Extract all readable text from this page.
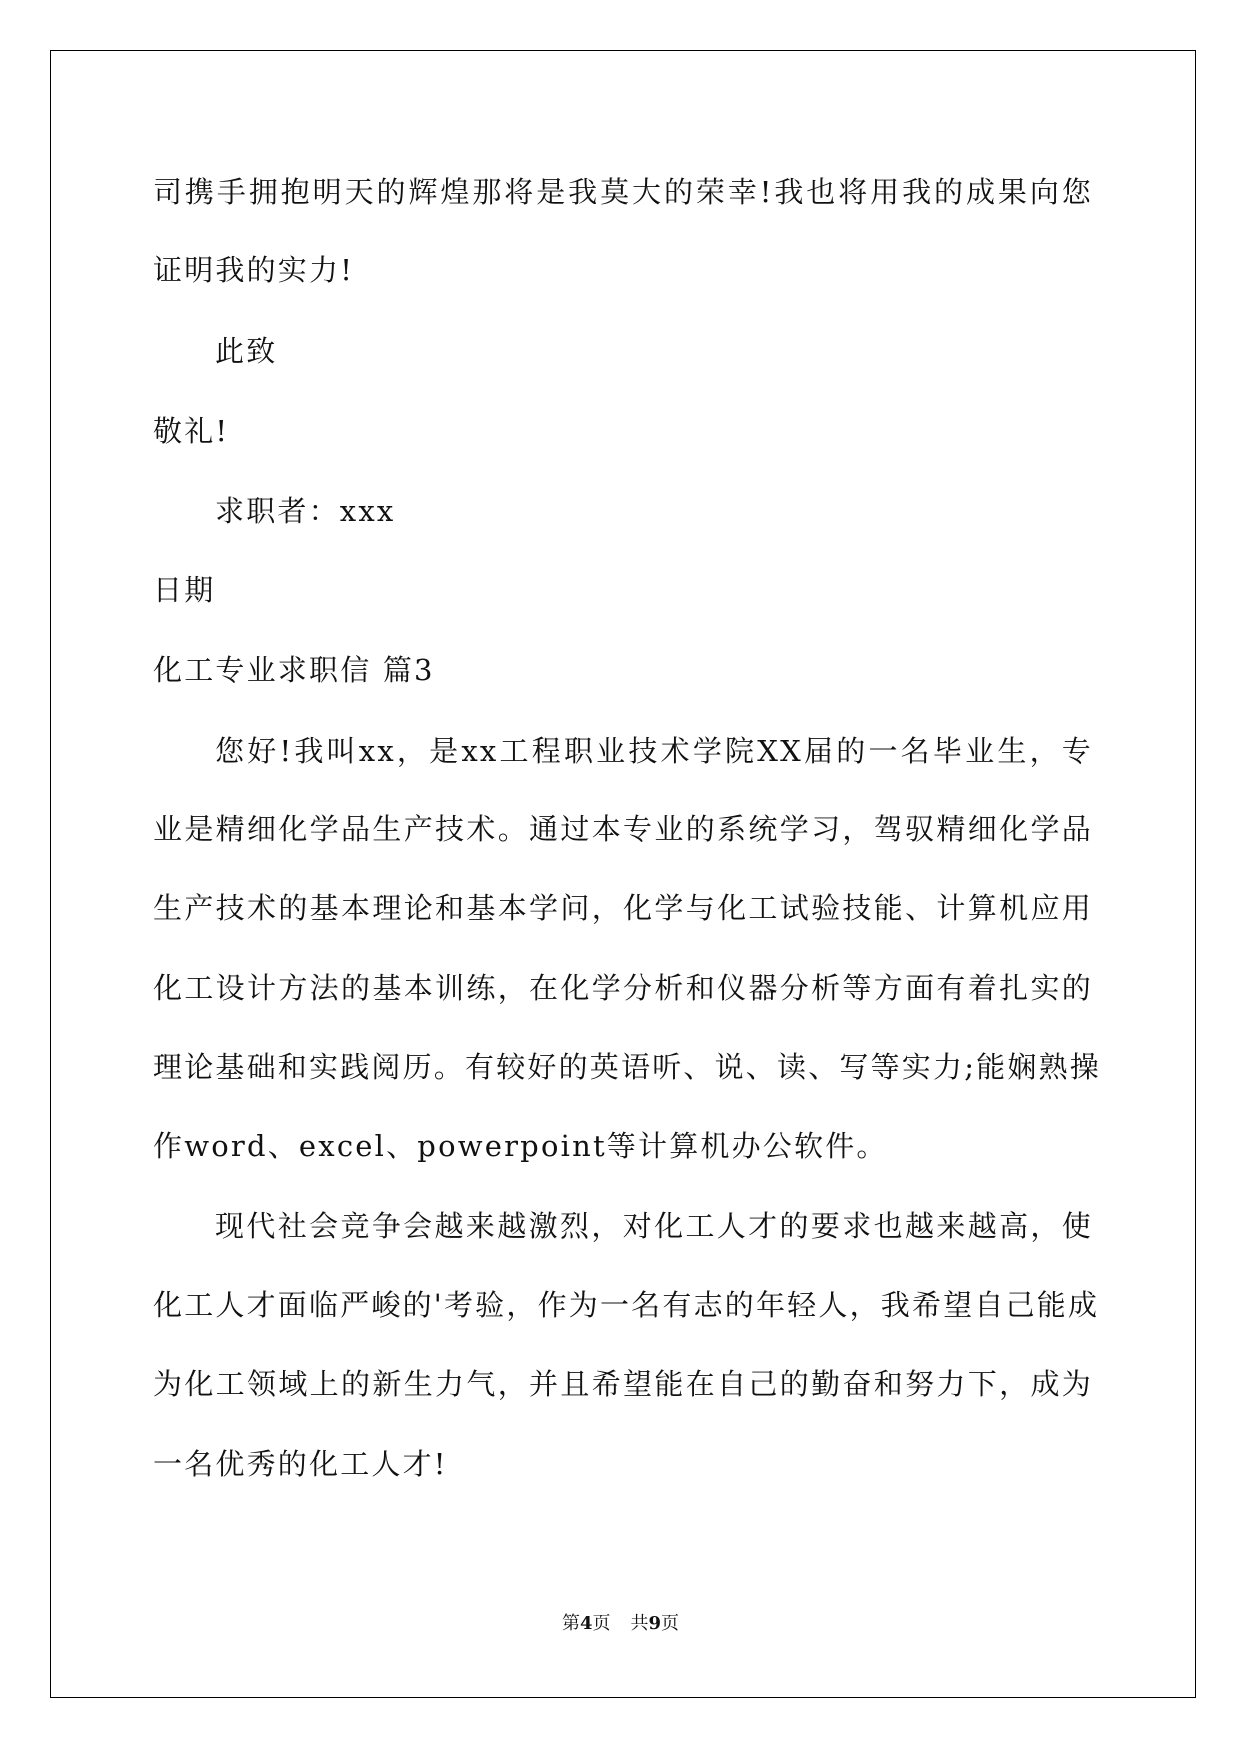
司携手拥抱明天的辉煌那将是我莫大的荣幸!我也将用我的成果向您
证明我的实力!
此致
敬礼!
求职者：xxx
日期
化工专业求职信 篇3
您好!我叫xx，是xx工程职业技术学院XX届的一名毕业生，专
业是精细化学品生产技术。通过本专业的系统学习，驾驭精细化学品
生产技术的基本理论和基本学问，化学与化工试验技能、计算机应用
化工设计方法的基本训练，在化学分析和仪器分析等方面有着扎实的
理论基础和实践阅历。有较好的英语听、说、读、写等实力;能娴熟操
作word、excel、powerpoint等计算机办公软件。
现代社会竞争会越来越激烈，对化工人才的要求也越来越高，使
化工人才面临严峻的'考验，作为一名有志的年轻人，我希望自己能成
为化工领域上的新生力气，并且希望能在自己的勤奋和努力下，成为
一名优秀的化工人才!
第4页 共9页
